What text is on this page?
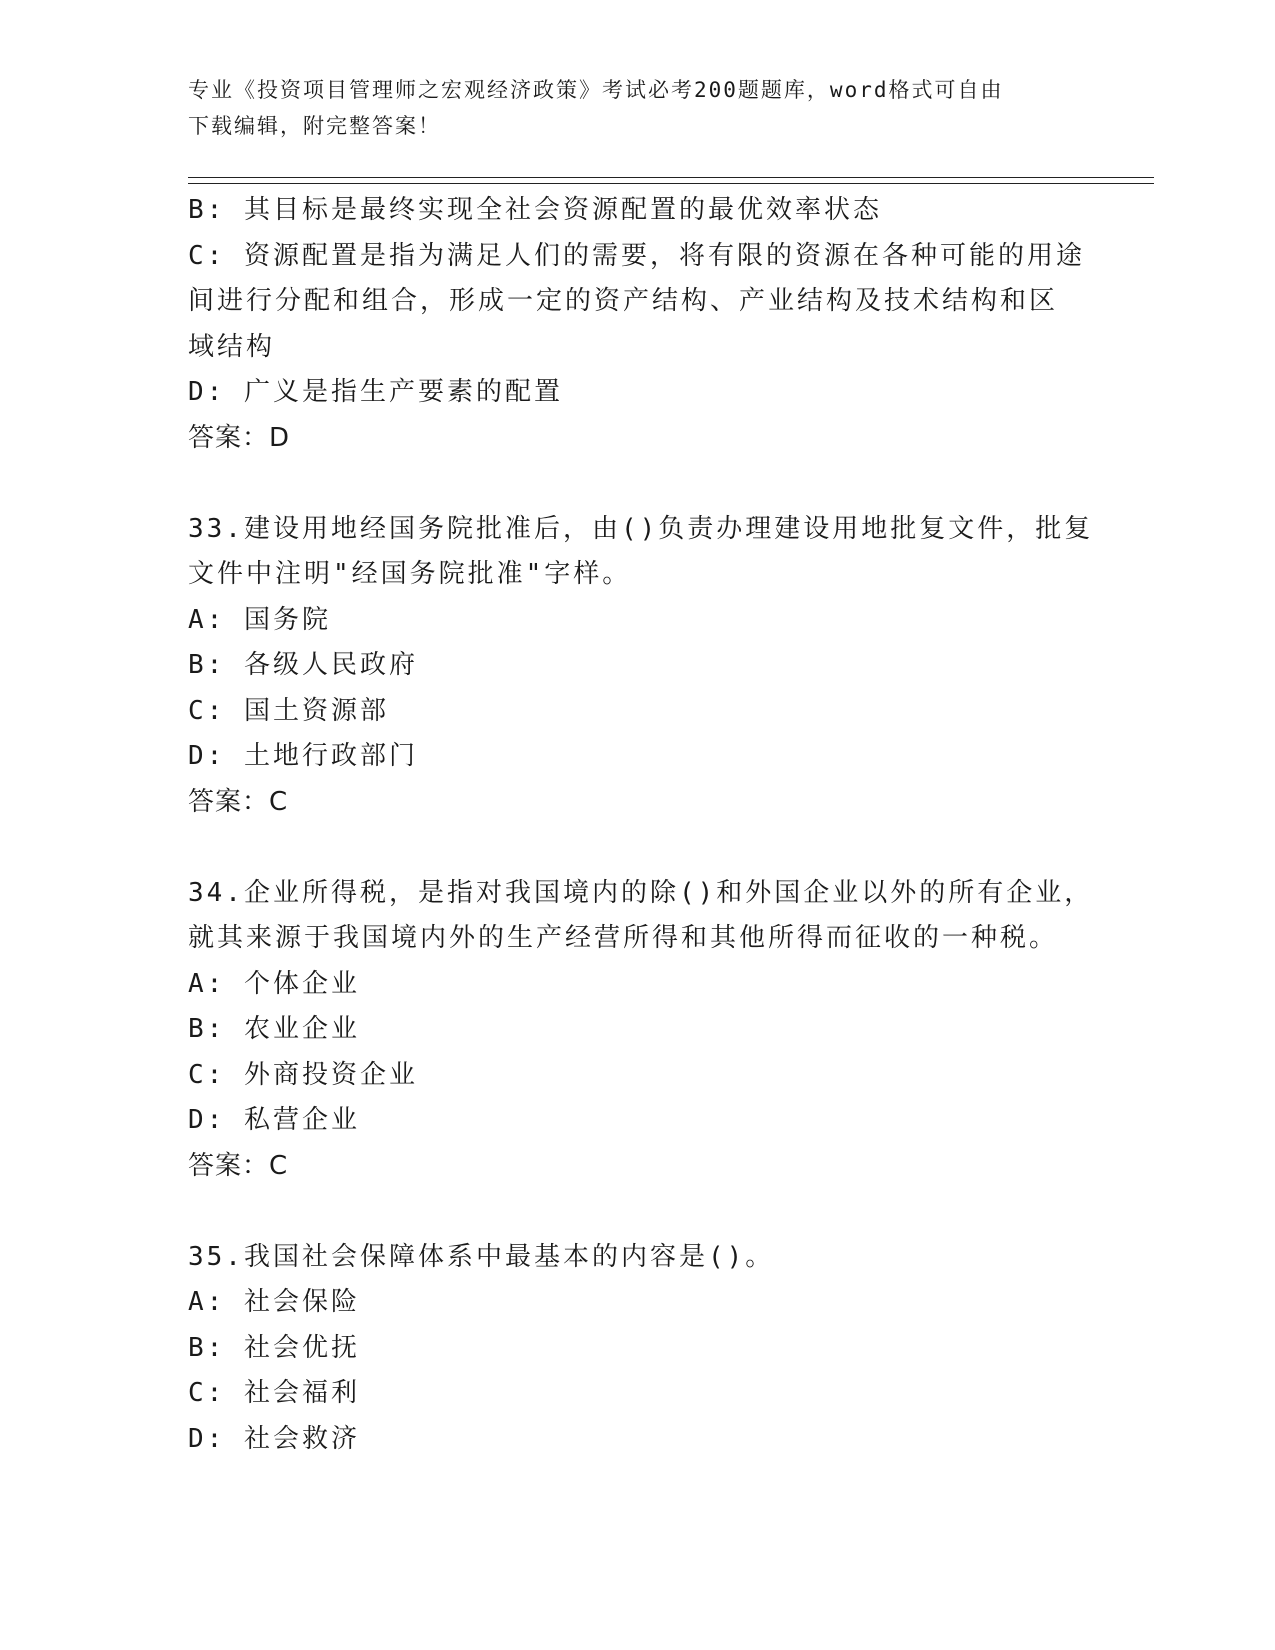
专业《投资项目管理师之宏观经济政策》考试必考200题题库，word格式可自由

下载编辑，附完整答案！

B: 其目标是最终实现全社会资源配置的最优效率状态

C: 资源配置是指为满足人们的需要，将有限的资源在各种可能的用途

间进行分配和组合，形成一定的资产结构、产业结构及技术结构和区

域结构

D: 广义是指生产要素的配置

答案：D

33.建设用地经国务院批准后，由()负责办理建设用地批复文件，批复

文件中注明"经国务院批准"字样。

A: 国务院

B: 各级人民政府

C: 国土资源部

D: 土地行政部门

答案：C

34.企业所得税，是指对我国境内的除()和外国企业以外的所有企业，

就其来源于我国境内外的生产经营所得和其他所得而征收的一种税。

A: 个体企业

B: 农业企业

C: 外商投资企业

D: 私营企业

答案：C

35.我国社会保障体系中最基本的内容是()。

A: 社会保险

B: 社会优抚

C: 社会福利

D: 社会救济
